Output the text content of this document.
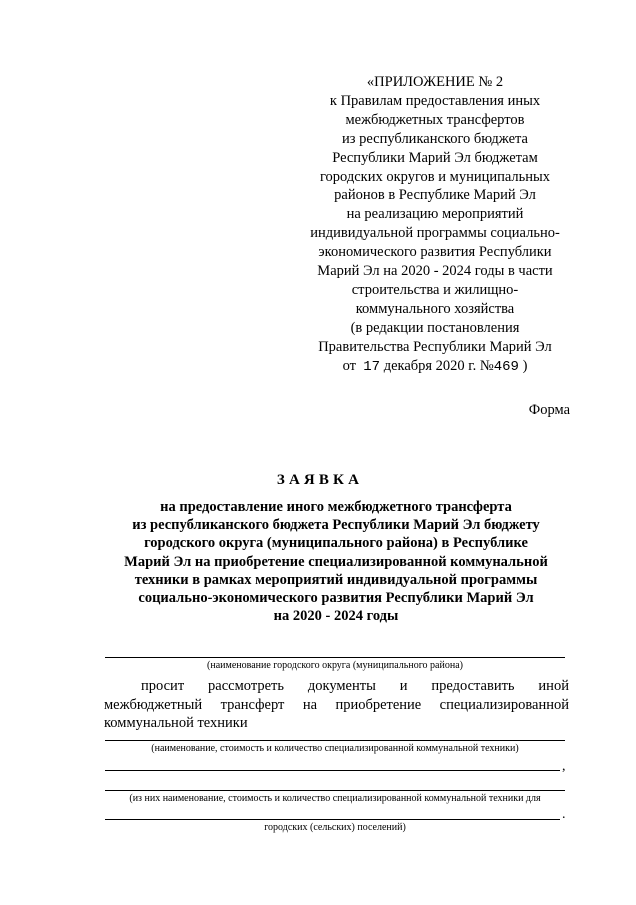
«ПРИЛОЖЕНИЕ № 2
к Правилам предоставления иных
межбюджетных трансфертов
из республиканского бюджета
Республики Марий Эл бюджетам
городских округов и муниципальных
районов в Республике Марий Эл
на реализацию мероприятий
индивидуальной программы социально-
экономического развития Республики
Марий Эл на 2020 - 2024 годы в части
строительства и жилищно-
коммунального хозяйства
(в редакции постановления
Правительства Республики Марий Эл
от 17 декабря 2020 г. №469 )
Форма
З А Я В К А
на предоставление иного межбюджетного трансферта
из республиканского бюджета Республики Марий Эл бюджету
городского округа (муниципального района) в Республике
Марий Эл на приобретение специализированной коммунальной
техники в рамках мероприятий индивидуальной программы
социально-экономического развития Республики Марий Эл
на 2020 - 2024 годы
(наименование городского округа (муниципального района)
просит рассмотреть документы и предоставить иной
межбюджетный трансферт на приобретение специализированной
коммунальной техники
(наименование, стоимость и количество специализированной коммунальной техники)
,
(из них наименование, стоимость и количество специализированной коммунальной техники для
.
городских (сельских) поселений)
